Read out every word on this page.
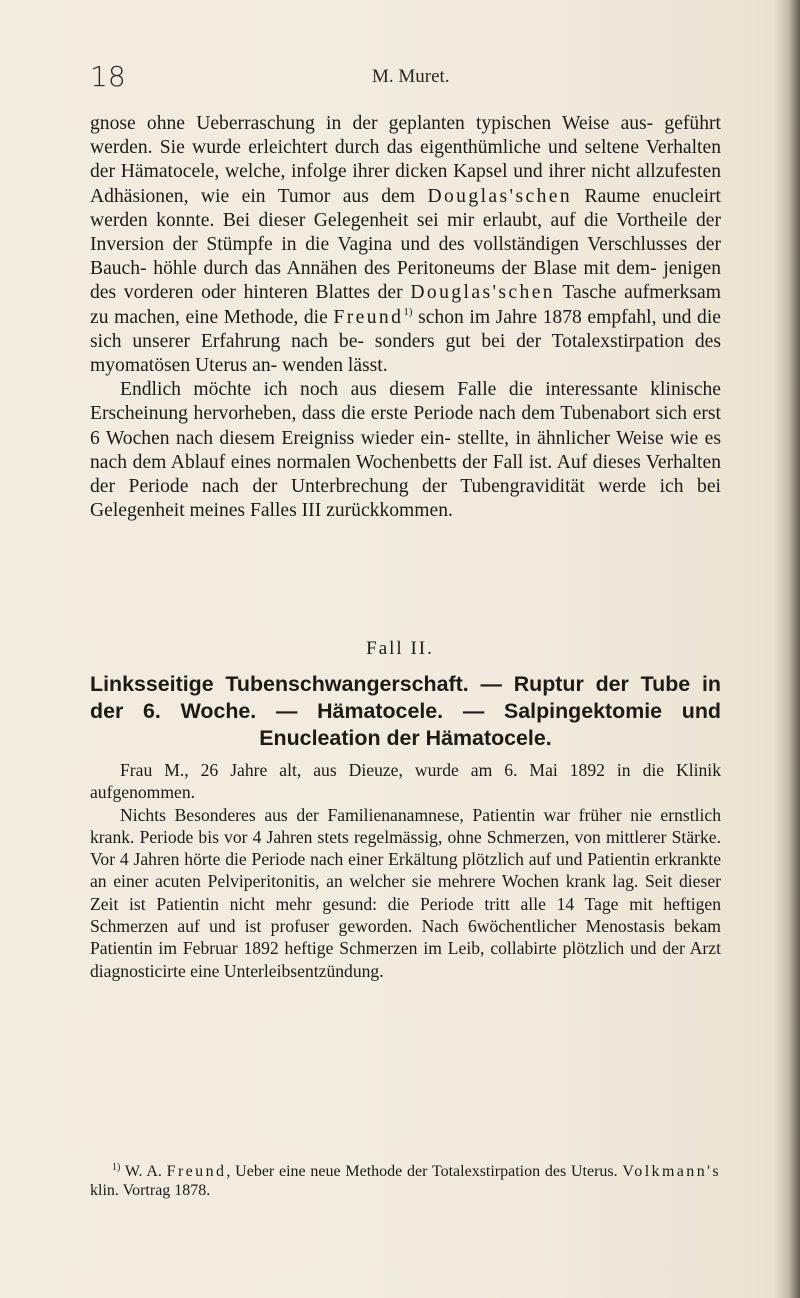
18	M. Muret.

gnose ohne Ueberraschung in der geplanten typischen Weise aus- geführt werden. Sie wurde erleichtert durch das eigenthümliche und seltene Verhalten der Hämatocele, welche, infolge ihrer dicken Kapsel und ihrer nicht allzufesten Adhäsionen, wie ein Tumor aus dem Douglas'schen Raume enucleirt werden konnte. Bei dieser Gelegenheit sei mir erlaubt, auf die Vortheile der Inversion der Stümpfe in die Vagina und des vollständigen Verschlusses der Bauch- höhle durch das Annähen des Peritoneums der Blase mit dem- jenigen des vorderen oder hinteren Blattes der Douglas'schen Tasche aufmerksam zu machen, eine Methode, die Freund$^{1)}$ schon im Jahre 1878 empfahl, und die sich unserer Erfahrung nach be- sonders gut bei der Totalexstirpation des myomatösen Uterus an- wenden lässt.

Endlich möchte ich noch aus diesem Falle die interessante klinische Erscheinung hervorheben, dass die erste Periode nach dem Tubenabort sich erst 6 Wochen nach diesem Ereigniss wieder ein- stellte, in ähnlicher Weise wie es nach dem Ablauf eines normalen Wochenbetts der Fall ist. Auf dieses Verhalten der Periode nach der Unterbrechung der Tubengravidität werde ich bei Gelegenheit meines Falles III zurückkommen.

Fall II.
Linksseitige Tubenschwangerschaft. — Ruptur der Tube in der 6. Woche. — Hämatocele. — Salpingektomie und Enucleation der Hämatocele.

Frau M., 26 Jahre alt, aus Dieuze, wurde am 6. Mai 1892 in die Klinik aufgenommen.

Nichts Besonderes aus der Familienanamnese, Patientin war früher nie ernstlich krank. Periode bis vor 4 Jahren stets regelmässig, ohne Schmerzen, von mittlerer Stärke. Vor 4 Jahren hörte die Periode nach einer Erkältung plötzlich auf und Patientin erkrankte an einer acuten Pelviperitonitis, an welcher sie mehrere Wochen krank lag. Seit dieser Zeit ist Patientin nicht mehr gesund: die Periode tritt alle 14 Tage mit heftigen Schmerzen auf und ist profuser geworden. Nach 6wöchentlicher Menostasis bekam Patientin im Februar 1892 heftige Schmerzen im Leib, collabirte plötzlich und der Arzt diagnosticirte eine Unterleibsentzündung.

$^{1)}$ W. A. Freund, Ueber eine neue Methode der Totalexstirpation des Uterus. Volkmann's klin. Vortrag 1878.
